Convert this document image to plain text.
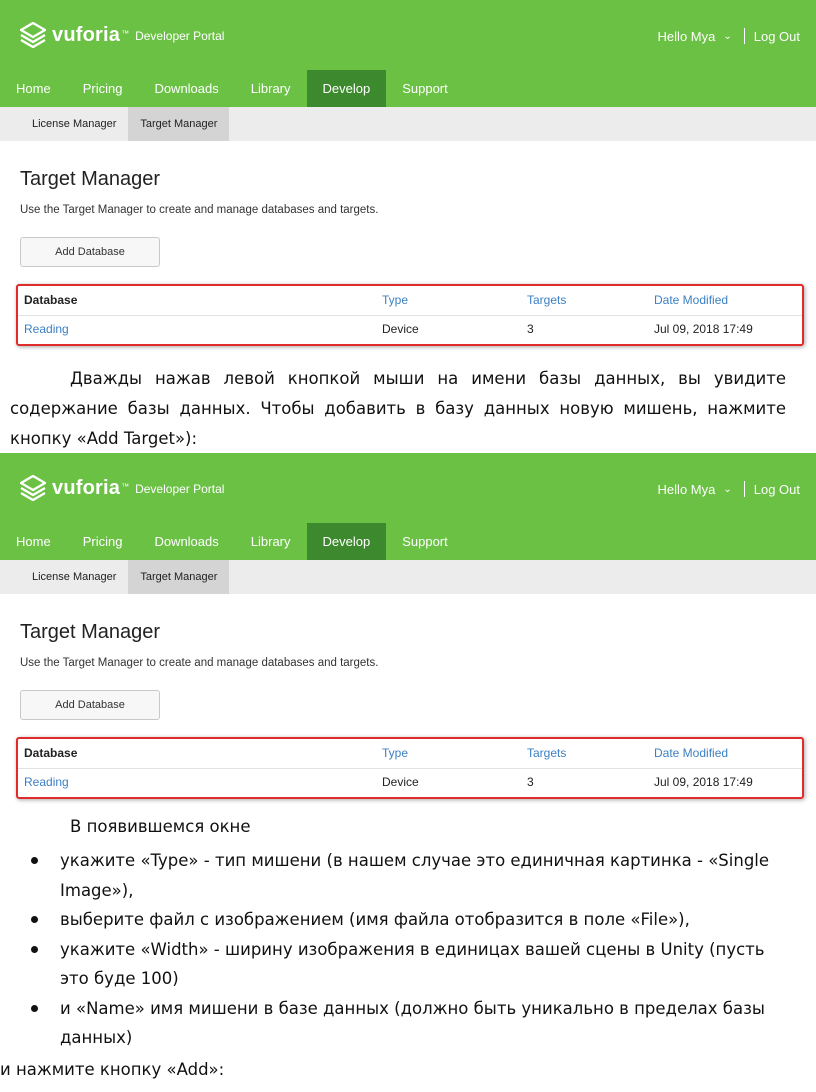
vuforia ™ Developer Portal	Hello Mya ⌄ Log Out
Home	Pricing	Downloads	Library	Develop	Support
License Manager	Target Manager
Target Manager
Use the Target Manager to create and manage databases and targets.
Add Database
Database	Type	Targets	Date Modified
Reading	Device	3	Jul 09, 2018 17:49
Дважды нажав левой кнопкой мыши на имени базы данных, вы увидите содержание базы данных. Чтобы добавить в базу данных новую мишень, нажмите кнопку «Add Target»):
vuforia ™ Developer Portal	Hello Mya ⌄ Log Out
Home	Pricing	Downloads	Library	Develop	Support
License Manager	Target Manager
Target Manager
Use the Target Manager to create and manage databases and targets.
Add Database
Database	Type	Targets	Date Modified
Reading	Device	3	Jul 09, 2018 17:49
В появившемся окне
укажите «Type» - тип мишени (в нашем случае это единичная картинка - «Single Image»),
выберите файл с изображением (имя файла отобразится в поле «File»),
укажите «Width» - ширину изображения в единицах вашей сцены в Unity (пусть это буде 100)
и «Name» имя мишени в базе данных (должно быть уникально в пределах базы данных)
и нажмите кнопку «Add»:
